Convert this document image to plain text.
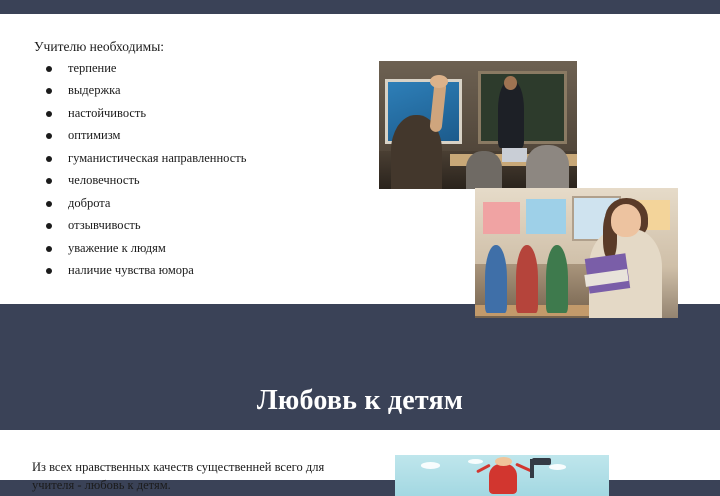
Учителю необходимы:

терпение
выдержка
настойчивость
оптимизм
гуманистическая направленность
человечность
доброта
отзывчивость
уважение к людям
наличие чувства юмора
Любовь к детям

Из всех нравственных качеств существенней всего для учителя - любовь к детям.
